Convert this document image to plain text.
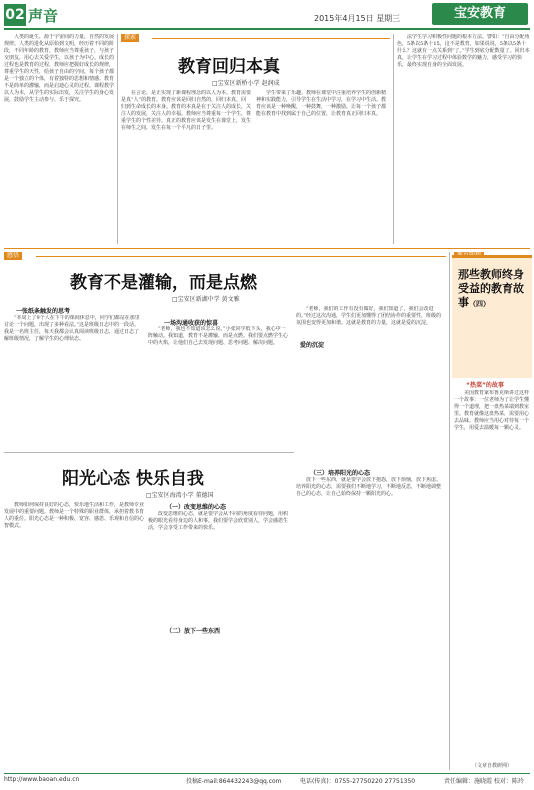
02 声音	2015年4月15日 星期三	宝安教育

人类的诞生，源于宇宙间的力量，自然的发展规律。人类的进化从原始到文明，经历着不同的阶段，不同年龄的教育。教师应当尊重孩子，与孩子交朋友，用心去关爱学生，以孩子为中心。成长的过程也是教育的过程，教师应把握好成长的规律，尊重学生的天性，给孩子自由的空间。每个孩子都是一个独立的个体，有着独特的思想和情感。教育不是简单的灌输，而是启迪心灵的过程。课程教学以人为本，从学生的实际出发，关注学生的身心发展，鼓励学生主动参与、乐于探究。

探索
教育回归本真
□宝安区新桥小学 赵润成

在言论，是正实现了新课程理念的以人为本。教育需要是真“人”的教育。教育应该是回归自然的，回归本真，回归到生命成长的本身。教育的本真是在于关注人的成长，关注人的发展，关注人的幸福。教师应当尊重每一个学生，尊重学生的个性差异。真正的教育应该是发生在课堂上，发生在师生之间，发生在每一个平凡的日子里。

学生带来了乐趣。教师在课堂中注重培养学生的创新精神和实践能力，引导学生在生活中学习，在学习中生活。教育应该是一种唤醒，一种鼓舞，一种激励。让每一个孩子都能在教育中找到属于自己的位置，让教育真正回归本真。

法学生学习积极性问题的根本方法。譬如：“自由分配角色，5条以5条十15，这不是教育，如果说说，5条以5条十什么？这就有一点关系到“了。”学生到底分配数量了。回归本真，让学生在学习过程中体验数学的魅力，感受学习的快乐，最终实现自身的全面发展。

感悟
教育不是灌输，而是点燃
□宝安区新湖中学 黄文雅
一张纸条触发的思考

“本周上了9个人在下午的课间休息中，同学们都站在那里讨论一个问题，出现了多种看法。”这是班级日志中的一段话。我是一名班主任，每天我都会认真阅读班级日志，通过日志了解班级情况，了解学生的心理状态。

一场沟通收获的惊喜

“老师，我也不知道该怎么说。”小张同学低下头，我心中一阵触动。我知道，教育不是灌输，而是点燃。我们要点燃学生心中的火焰，让他们自己去发现问题、思考问题、解决问题。

“老师，我们的工作有没有做好，我们知道了，我们会改进的。”经过这次沟通，学生们更加懂得了团结协作的重要性，班级的氛围也变得更加和谐。这就是教育的力量，这就是爱的沉淀。

爱的沉淀
阳光心态 快乐自我
□宝安区海湾小学 董德国

教师如何保持良好的心态，快乐地生活和工作，是教师专业发展中的重要问题。教师是一个特殊的职业群体，承担着教书育人的重任。阳光心态是一种积极、宽容、感恩、乐观和自信的心智模式。

（一）改变思维的心态

改变思维的心态，就是要学会从不同的角度看待问题，用积极的眼光看待身边的人和事。我们要学会欣赏别人，学会感恩生活，学会享受工作带来的快乐。

（二）放下一些东西
（三）培养阳光的心态

放下一些东西，就是要学会放下抱怨，放下烦恼，放下焦虑。培养阳光的心态，需要我们不断地学习，不断地反思，不断地调整自己的心态，让自己始终保持一颗阳光的心。

那些教师终身受益的教育故事（四）
“热菜”的故事

美国教育家布鲁克斯讲过这样一个故事：一位老师为了让学生懂得一个道理，把一盘热菜端到教室里。教育就像这盘热菜，需要用心去品味。教师应当用心对待每一个学生，用爱去温暖每一颗心灵。

（文章自教研网）
http://www.baoan.edu.cn	投稿E-mail:864432243@qq.com	电话(传真)：0755-27750220 27751350	责任编辑：施晓霞 校对：陈玲
